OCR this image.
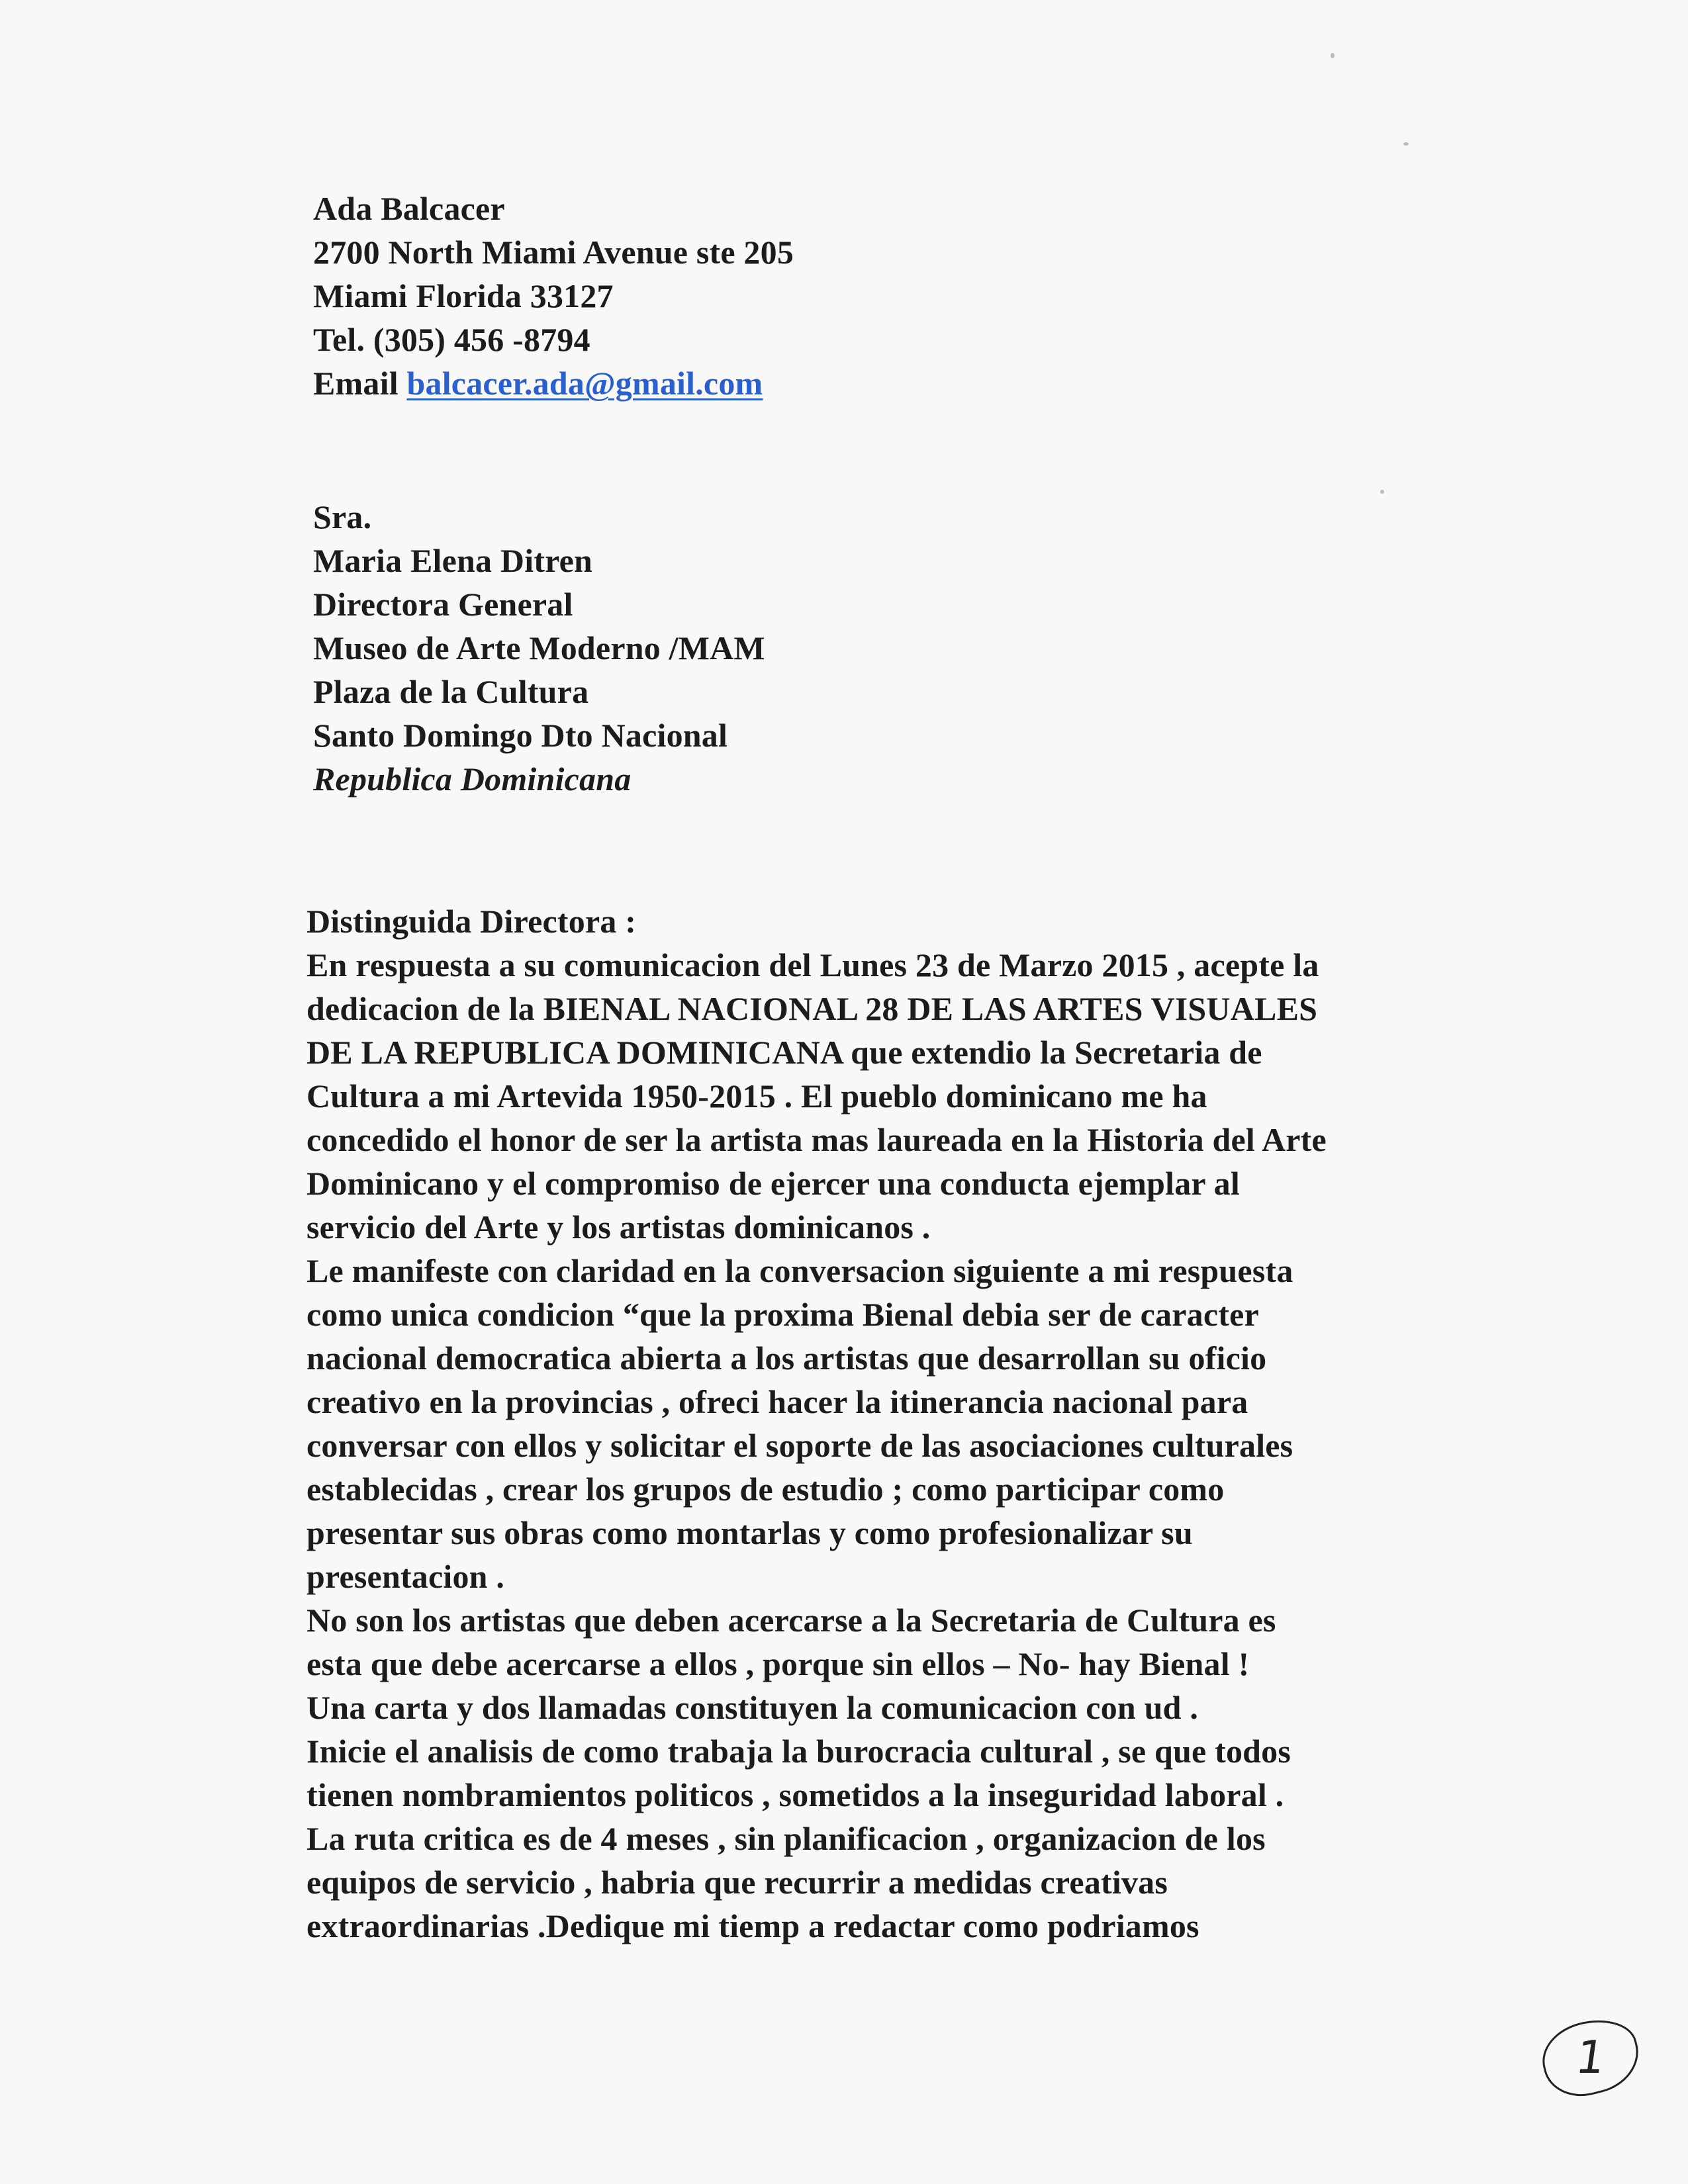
Ada Balcacer
2700 North Miami Avenue ste 205
Miami Florida 33127
Tel. (305) 456 -8794
Email balcacer.ada@gmail.com
Sra.
Maria Elena Ditren
Directora General
Museo de Arte Moderno /MAM
Plaza de la Cultura
Santo Domingo Dto Nacional
Republica Dominicana
Distinguida Directora :
En respuesta a su comunicacion del Lunes 23 de Marzo 2015 , acepte la
dedicacion de la BIENAL NACIONAL 28 DE LAS ARTES VISUALES
DE LA REPUBLICA DOMINICANA que extendio la Secretaria de
Cultura a mi Artevida 1950-2015 . El pueblo dominicano me ha
concedido el honor de ser la artista mas laureada en la Historia del Arte
Dominicano y el compromiso de ejercer una conducta ejemplar al
servicio del Arte y los artistas dominicanos .
Le manifeste con claridad en la conversacion siguiente a mi respuesta
como unica condicion “que la proxima Bienal debia ser de caracter
nacional democratica abierta a los artistas que desarrollan su oficio
creativo en la provincias , ofreci hacer la itinerancia nacional para
conversar con ellos y solicitar el soporte de las asociaciones culturales
establecidas , crear los grupos de estudio ; como participar como
presentar sus obras como montarlas y como profesionalizar su
presentacion .
No son los artistas que deben acercarse a la Secretaria de Cultura es
esta que debe acercarse a ellos , porque sin ellos – No- hay Bienal !
Una carta y dos llamadas constituyen la comunicacion con ud .
Inicie el analisis de como trabaja la burocracia cultural , se que todos
tienen nombramientos politicos , sometidos a la inseguridad laboral .
La ruta critica es de 4 meses , sin planificacion , organizacion de los
equipos de servicio , habria que recurrir a medidas creativas
extraordinarias .Dedique mi tiemp a redactar como podriamos
1
